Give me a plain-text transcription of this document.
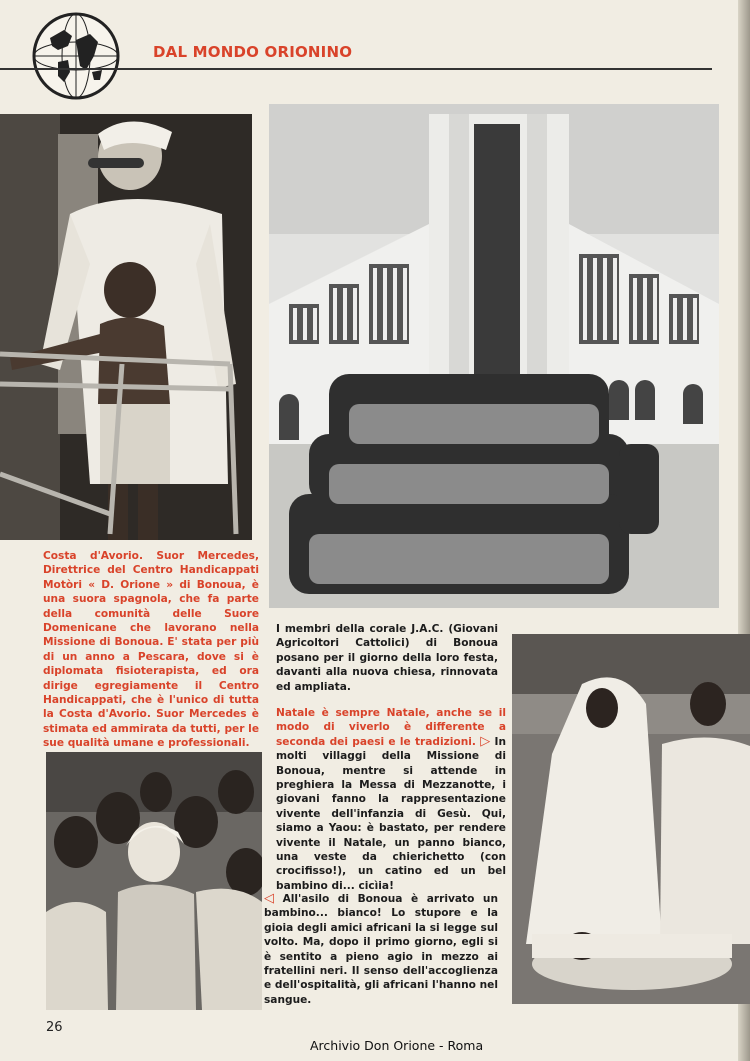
DAL MONDO ORIONINO
Costa d'Avorio. Suor Mercedes, Direttrice del Centro Handicappati Motòri « D. Orione » di Bonoua, è una suora spagnola, che fa parte della comunità delle Suore Domenicane che lavorano nella Missione di Bonoua. E' stata per più di un anno a Pescara, dove si è diplomata fisioterapista, ed ora dirige egregiamente il Centro Handicappati, che è l'unico di tutta la Costa d'Avorio. Suor Mercedes è stimata ed ammirata da tutti, per le sue qualità umane e professionali.
I membri della corale J.A.C. (Giovani Agricoltori Cattolici) di Bonoua posano per il giorno della loro festa, davanti alla nuova chiesa, rinnovata ed ampliata.
Natale è sempre Natale, anche se il modo di viverlo è differente a seconda dei paesi e le tradizioni. ▷ In molti villaggi della Missione di Bonoua, mentre si attende in preghiera la Messa di Mezzanotte, i giovani fanno la rappresentazione vivente dell'infanzia di Gesù. Qui, siamo a Yaou: è bastato, per rendere vivente il Natale, un panno bianco, una veste da chierichetto (con crocifisso!), un catino ed un bel bambino di... cicìia!
◁ All'asilo di Bonoua è arrivato un bambino... bianco! Lo stupore e la gioia degli amici africani la si legge sul volto. Ma, dopo il primo giorno, egli si è sentito a pieno agio in mezzo ai fratellini neri. Il senso dell'accoglienza e dell'ospitalità, gli africani l'hanno nel sangue.
26
Archivio Don Orione - Roma
